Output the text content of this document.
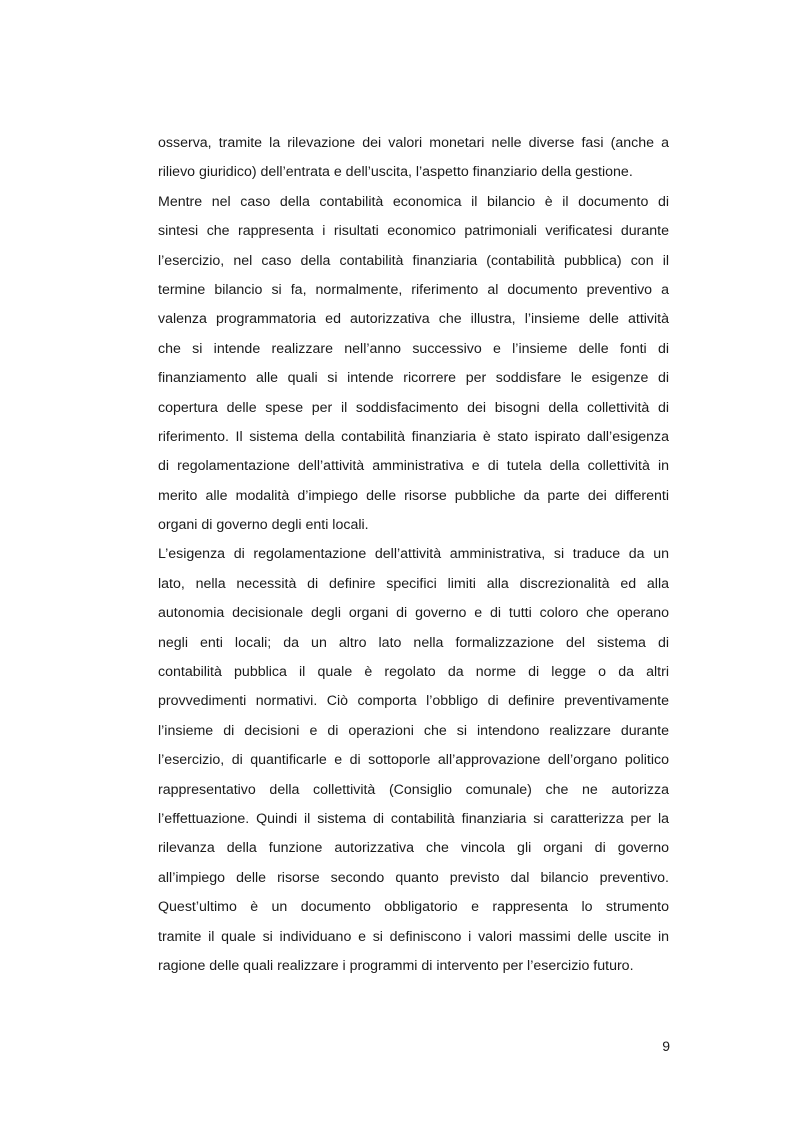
osserva, tramite la rilevazione dei valori monetari nelle diverse fasi (anche a
rilievo giuridico) dell’entrata e dell’uscita, l’aspetto finanziario della gestione.
Mentre nel caso della contabilità economica il bilancio è il documento di
sintesi che rappresenta i risultati economico patrimoniali verificatesi durante
l’esercizio, nel caso della contabilità finanziaria (contabilità pubblica) con il
termine bilancio si fa, normalmente, riferimento al documento preventivo a
valenza programmatoria ed autorizzativa che illustra, l’insieme delle attività
che si intende realizzare nell’anno successivo e l’insieme delle fonti di
finanziamento alle quali si intende ricorrere per soddisfare le esigenze di
copertura delle spese per il soddisfacimento dei bisogni della collettività di
riferimento. Il sistema della contabilità finanziaria è stato ispirato dall’esigenza
di regolamentazione dell’attività amministrativa e di tutela della collettività in
merito alle modalità d’impiego delle risorse pubbliche da parte dei differenti
organi di governo degli enti locali.
L’esigenza di regolamentazione dell’attività amministrativa, si traduce da un
lato, nella necessità di definire specifici limiti alla discrezionalità ed alla
autonomia decisionale degli organi di governo e di tutti coloro che operano
negli enti locali; da un altro lato nella formalizzazione del sistema di
contabilità pubblica il quale è regolato da norme di legge o da altri
provvedimenti normativi. Ciò comporta l’obbligo di definire preventivamente
l’insieme di decisioni e di operazioni che si intendono realizzare durante
l’esercizio, di quantificarle e di sottoporle all’approvazione dell’organo politico
rappresentativo della collettività (Consiglio comunale) che ne autorizza
l’effettuazione. Quindi il sistema di contabilità finanziaria si caratterizza per la
rilevanza della funzione autorizzativa che vincola gli organi di governo
all’impiego delle risorse secondo quanto previsto dal bilancio preventivo.
Quest’ultimo è un documento obbligatorio e rappresenta lo strumento
tramite il quale si individuano e si definiscono i valori massimi delle uscite in
ragione delle quali realizzare i programmi di intervento per l’esercizio futuro.
9
